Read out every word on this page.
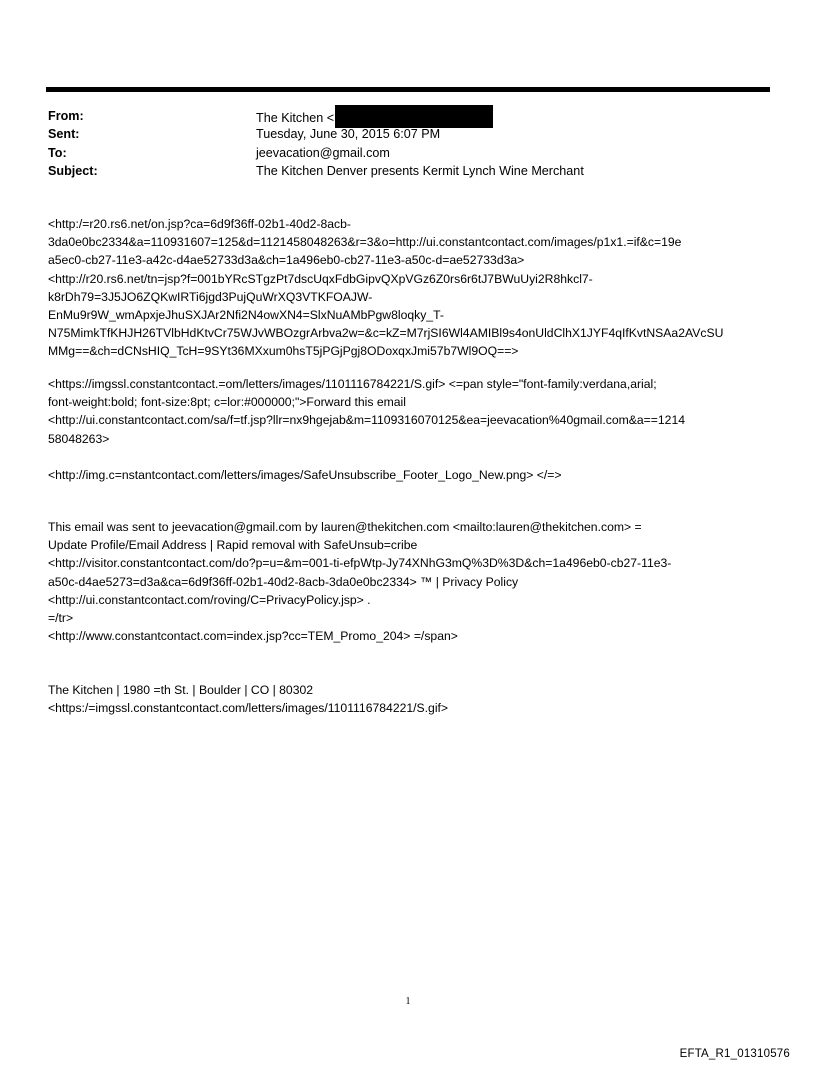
From:	The Kitchen <
Sent:	Tuesday, June 30, 2015 6:07 PM
To:	jeevacation@gmail.com
Subject:	The Kitchen Denver presents Kermit Lynch Wine Merchant
<http:/=r20.rs6.net/on.jsp?ca=6d9f36ff-02b1-40d2-8acb-
3da0e0bc2334&a=110931607=125&d=1121458048263&r=3&o=http://ui.constantcontact.com/images/p1x1.=if&c=19e
a5ec0-cb27-11e3-a42c-d4ae52733d3a&ch=1a496eb0-cb27-11e3-a50c-d=ae52733d3a>
<http://r20.rs6.net/tn=jsp?f=001bYRcSTgzPt7dscUqxFdbGipvQXpVGz6Z0rs6r6tJ7BWuUyi2R8hkcl7-
k8rDh79=3J5JO6ZQKwIRTi6jgd3PujQuWrXQ3VTKFOAJW-
EnMu9r9W_wmApxjeJhuSXJAr2Nfi2N4owXN4=SlxNuAMbPgw8loqky_T-
N75MimkTfKHJH26TVlbHdKtvCr75WJvWBOzgrArbva2w=&c=kZ=M7rjSI6Wl4AMIBl9s4onUldClhX1JYF4qIfKvtNSAa2AVcSU
MMg==&ch=dCNsHIQ_TcH=9SYt36MXxum0hsT5jPGjPgj8ODoxqxJmi57b7Wl9OQ==>
<https://imgssl.constantcontact.=om/letters/images/1101116784221/S.gif> <=pan style="font-family:verdana,arial;
font-weight:bold; font-size:8pt; c=lor:#000000;">Forward this email
<http://ui.constantcontact.com/sa/f=tf.jsp?llr=nx9hgejab&m=1109316070125&ea=jeevacation%40gmail.com&a==1214
58048263>
<http://img.c=nstantcontact.com/letters/images/SafeUnsubscribe_Footer_Logo_New.png> </=>
This email was sent to jeevacation@gmail.com by lauren@thekitchen.com <mailto:lauren@thekitchen.com> =
Update Profile/Email Address | Rapid removal with SafeUnsub=cribe
<http://visitor.constantcontact.com/do?p=u=&m=001-ti-efpWtp-Jy74XNhG3mQ%3D%3D&ch=1a496eb0-cb27-11e3-
a50c-d4ae5273=d3a&ca=6d9f36ff-02b1-40d2-8acb-3da0e0bc2334> ™ | Privacy Policy
<http://ui.constantcontact.com/roving/C=PrivacyPolicy.jsp> .
=/tr>
<http://www.constantcontact.com=index.jsp?cc=TEM_Promo_204> =/span>
The Kitchen | 1980 =th St. | Boulder | CO | 80302
<https:/=imgssl.constantcontact.com/letters/images/1101116784221/S.gif>
1
EFTA_R1_01310576
